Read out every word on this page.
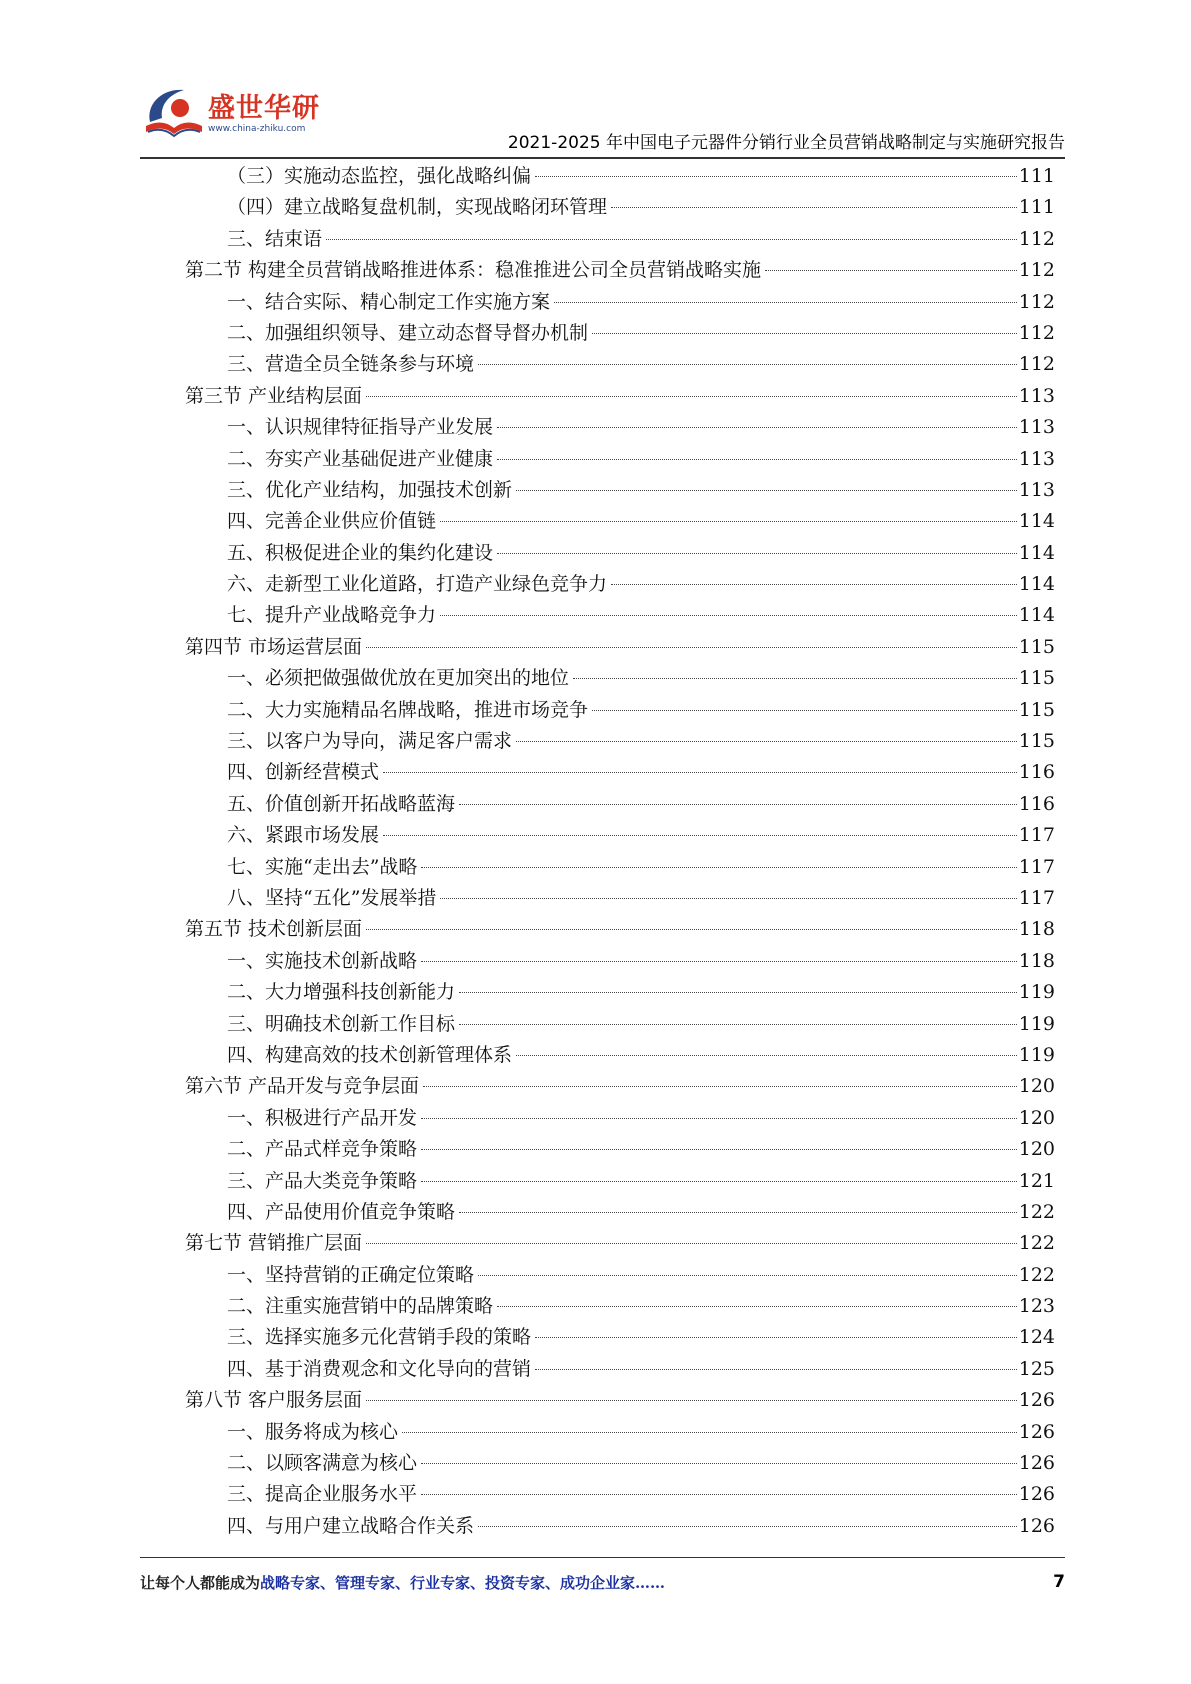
盛世华研
www.china-zhiku.com
2021-2025 年中国电子元器件分销行业全员营销战略制定与实施研究报告
（三）实施动态监控，强化战略纠偏	111
（四）建立战略复盘机制，实现战略闭环管理	111
三、结束语	112
第二节 构建全员营销战略推进体系：稳准推进公司全员营销战略实施	112
一、结合实际、精心制定工作实施方案	112
二、加强组织领导、建立动态督导督办机制	112
三、营造全员全链条参与环境	112
第三节 产业结构层面	113
一、认识规律特征指导产业发展	113
二、夯实产业基础促进产业健康	113
三、优化产业结构，加强技术创新	113
四、完善企业供应价值链	114
五、积极促进企业的集约化建设	114
六、走新型工业化道路，打造产业绿色竞争力	114
七、提升产业战略竞争力	114
第四节 市场运营层面	115
一、必须把做强做优放在更加突出的地位	115
二、大力实施精品名牌战略，推进市场竞争	115
三、以客户为导向，满足客户需求	115
四、创新经营模式	116
五、价值创新开拓战略蓝海	116
六、紧跟市场发展	117
七、实施“走出去”战略	117
八、坚持“五化”发展举措	117
第五节 技术创新层面	118
一、实施技术创新战略	118
二、大力增强科技创新能力	119
三、明确技术创新工作目标	119
四、构建高效的技术创新管理体系	119
第六节 产品开发与竞争层面	120
一、积极进行产品开发	120
二、产品式样竞争策略	120
三、产品大类竞争策略	121
四、产品使用价值竞争策略	122
第七节 营销推广层面	122
一、坚持营销的正确定位策略	122
二、注重实施营销中的品牌策略	123
三、选择实施多元化营销手段的策略	124
四、基于消费观念和文化导向的营销	125
第八节 客户服务层面	126
一、服务将成为核心	126
二、以顾客满意为核心	126
三、提高企业服务水平	126
四、与用户建立战略合作关系	126
让每个人都能成为战略专家、管理专家、行业专家、投资专家、成功企业家……	7
